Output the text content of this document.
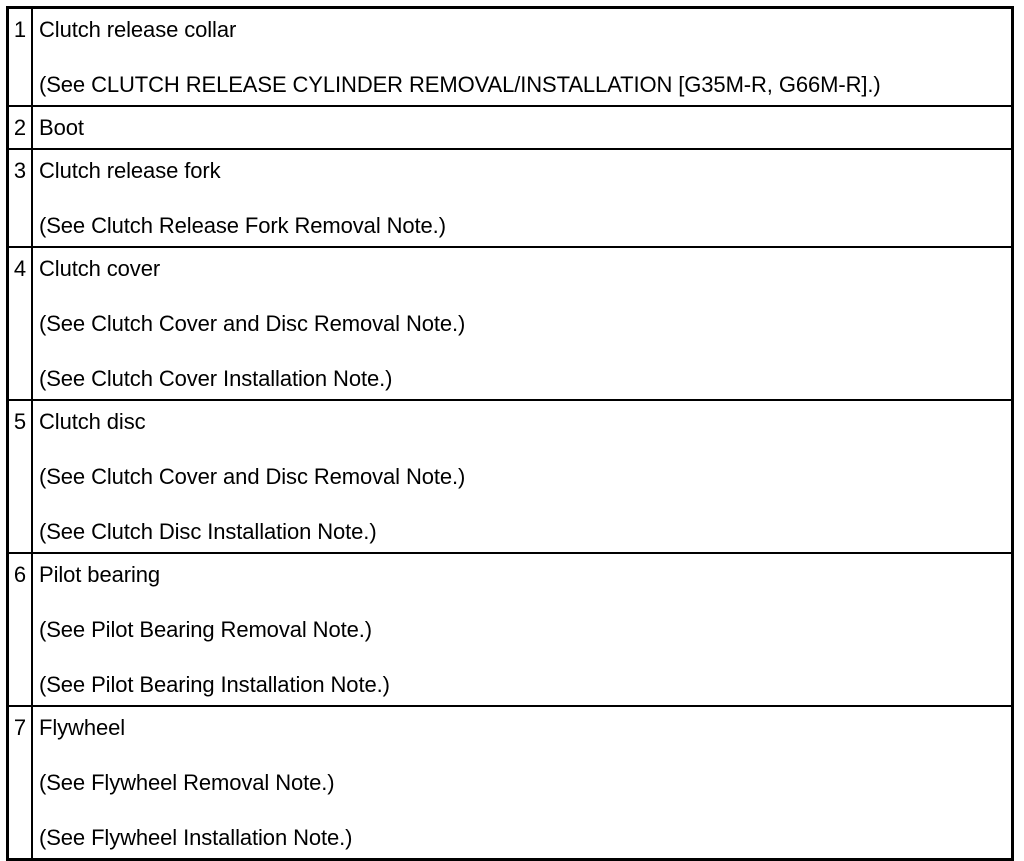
1 Clutch release collar
(See CLUTCH RELEASE CYLINDER REMOVAL/INSTALLATION [G35M-R, G66M-R].)
2 Boot
3 Clutch release fork
(See Clutch Release Fork Removal Note.)
4 Clutch cover
(See Clutch Cover and Disc Removal Note.)
(See Clutch Cover Installation Note.)
5 Clutch disc
(See Clutch Cover and Disc Removal Note.)
(See Clutch Disc Installation Note.)
6 Pilot bearing
(See Pilot Bearing Removal Note.)
(See Pilot Bearing Installation Note.)
7 Flywheel
(See Flywheel Removal Note.)
(See Flywheel Installation Note.)
